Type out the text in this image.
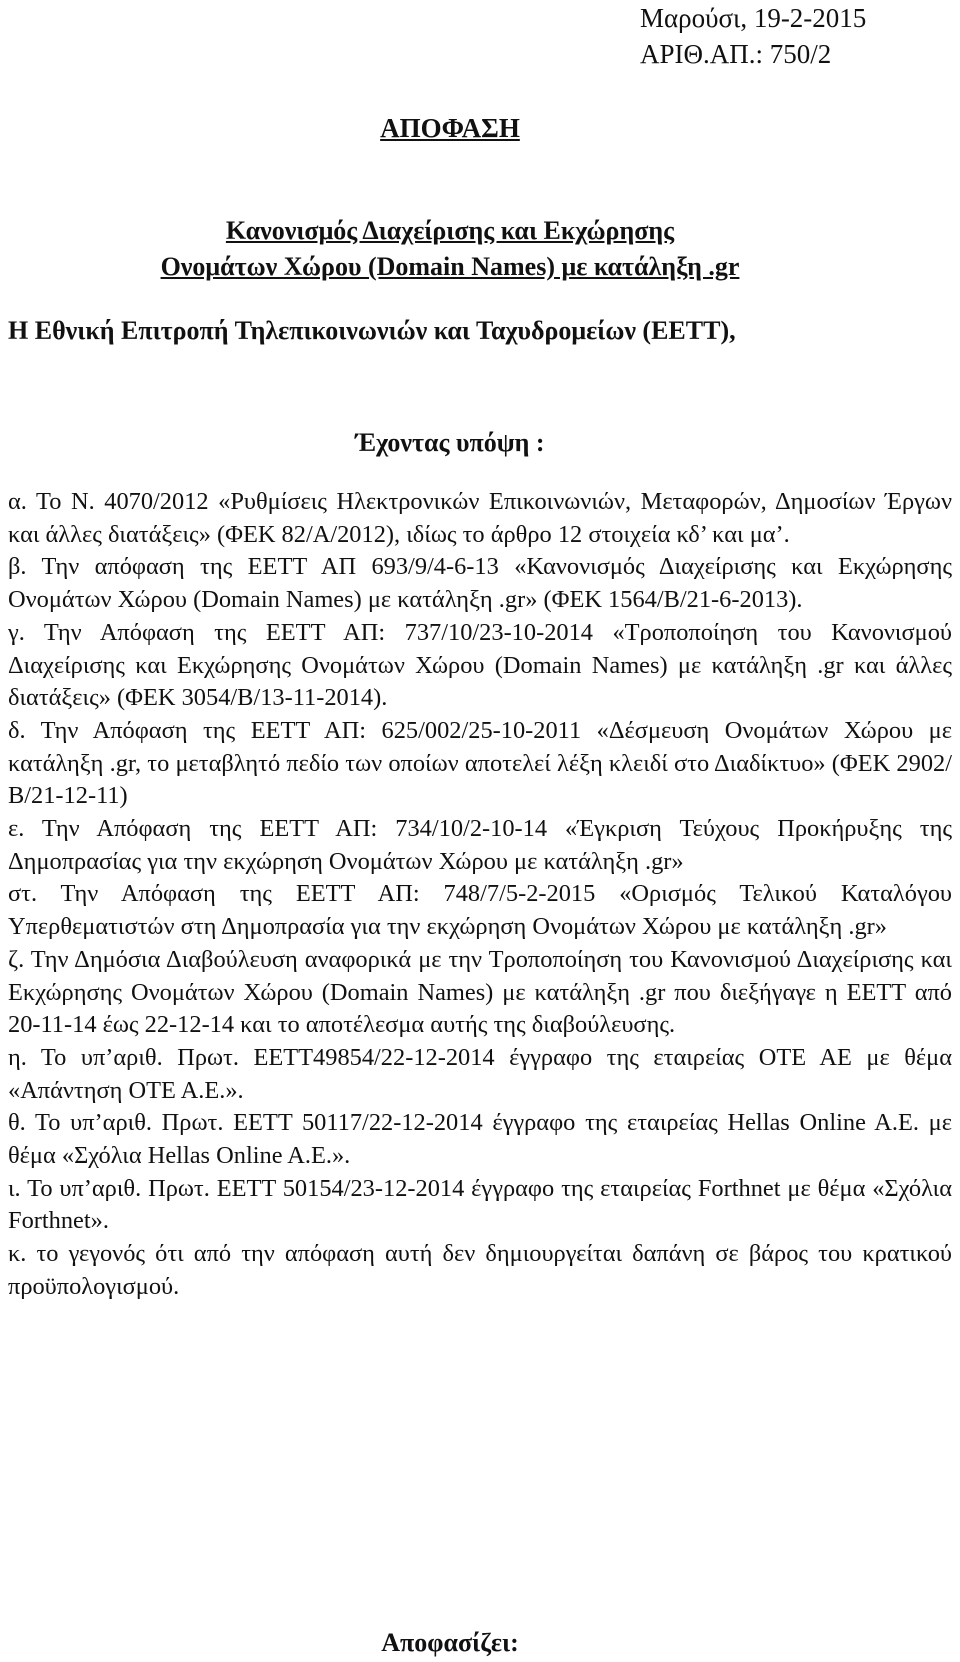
Μαρούσι, 19-2-2015
ΑΡΙΘ.ΑΠ.: 750/2
ΑΠΟΦΑΣΗ
Κανονισμός Διαχείρισης και Εκχώρησης
Ονομάτων Χώρου (Domain Names) με κατάληξη .gr
Η Εθνική Επιτροπή Τηλεπικοινωνιών και Ταχυδρομείων (ΕΕΤΤ),
Έχοντας υπόψη :

α. Το Ν. 4070/2012 «Ρυθμίσεις Ηλεκτρονικών Επικοινωνιών, Μεταφορών, Δημοσίων Έργων και άλλες διατάξεις» (ΦΕΚ 82/Α/2012), ιδίως το άρθρο 12 στοιχεία κδ’ και μα’.

β. Την απόφαση της ΕΕΤΤ ΑΠ 693/9/4-6-13 «Κανονισμός Διαχείρισης και Εκχώρησης Ονομάτων Χώρου (Domain Names) με κατάληξη .gr» (ΦΕΚ 1564/Β/21-6-2013).

γ. Την Απόφαση της ΕΕΤΤ ΑΠ: 737/10/23-10-2014 «Τροποποίηση του Κανονισμού Διαχείρισης και Εκχώρησης Ονομάτων Χώρου (Domain Names) με κατάληξη .gr και άλλες διατάξεις» (ΦΕΚ 3054/Β/13-11-2014).

δ. Την Απόφαση της ΕΕΤΤ ΑΠ: 625/002/25-10-2011 «Δέσμευση Ονομάτων Χώρου με κατάληξη .gr, το μεταβλητό πεδίο των οποίων αποτελεί λέξη κλειδί στο Διαδίκτυο» (ΦΕΚ 2902/Β/21-12-11)

ε. Την Απόφαση της ΕΕΤΤ ΑΠ: 734/10/2-10-14 «Έγκριση Τεύχους Προκήρυξης της Δημοπρασίας για την εκχώρηση Ονομάτων Χώρου με κατάληξη .gr»

στ. Την Απόφαση της ΕΕΤΤ ΑΠ: 748/7/5-2-2015 «Ορισμός Τελικού Καταλόγου Υπερθεματιστών στη Δημοπρασία για την εκχώρηση Ονομάτων Χώρου με κατάληξη .gr»

ζ. Την Δημόσια Διαβούλευση αναφορικά με την Τροποποίηση του Κανονισμού Διαχείρισης και Εκχώρησης Ονομάτων Χώρου (Domain Names) με κατάληξη .gr που διεξήγαγε η ΕΕΤΤ από 20-11-14 έως 22-12-14 και το αποτέλεσμα αυτής της διαβούλευσης.

η. Το υπ’αριθ. Πρωτ. ΕΕΤΤ49854/22-12-2014 έγγραφο της εταιρείας ΟΤΕ ΑΕ με θέμα «Απάντηση ΟΤΕ Α.Ε.».

θ. Το υπ’αριθ. Πρωτ. ΕΕΤΤ 50117/22-12-2014 έγγραφο της εταιρείας Hellas Online A.E. με θέμα «Σχόλια Hellas Online A.E.».

ι. Το υπ’αριθ. Πρωτ. ΕΕΤΤ 50154/23-12-2014 έγγραφο της εταιρείας Forthnet με θέμα «Σχόλια Forthnet».

κ. το γεγονός ότι από την απόφαση αυτή δεν δημιουργείται δαπάνη σε βάρος του κρατικού προϋπολογισμού.

Αποφασίζει:
